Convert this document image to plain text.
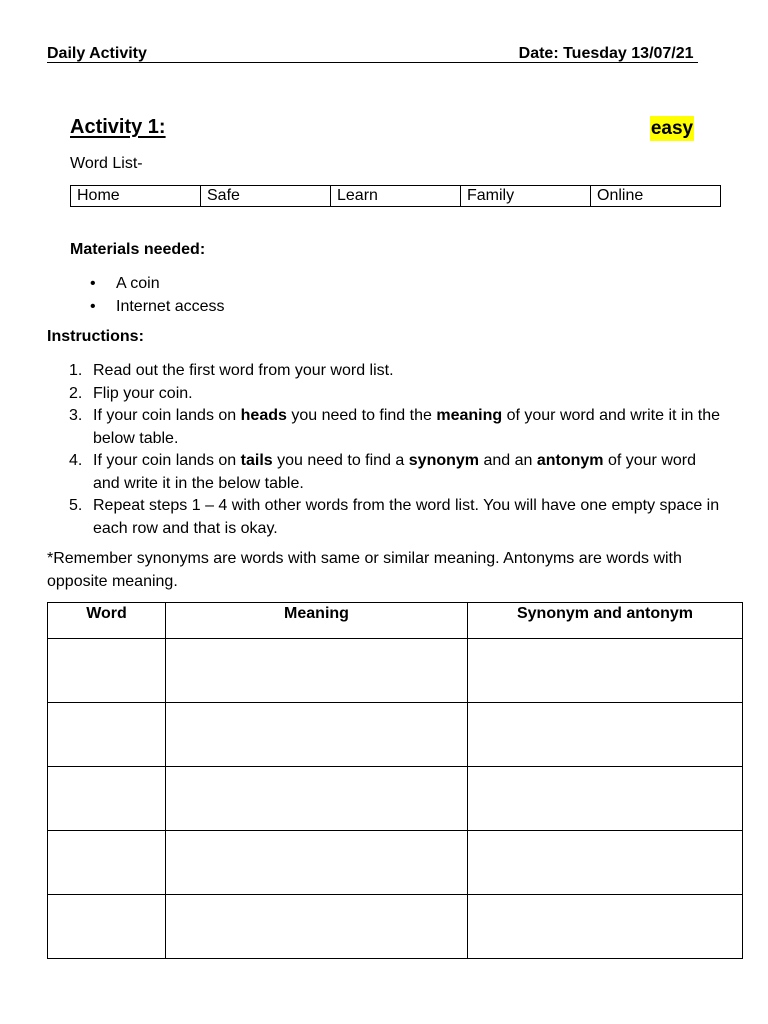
Daily Activity	Date: Tuesday 13/07/21
Activity 1:	easy
Word List-
Home	Safe	Learn	Family	Online
Materials needed:
• A coin
• Internet access
Instructions:
1. Read out the first word from your word list.
2. Flip your coin.
3. If your coin lands on heads you need to find the meaning of your word and write it in the below table.
4. If your coin lands on tails you need to find a synonym and an antonym of your word and write it in the below table.
5. Repeat steps 1 – 4 with other words from the word list. You will have one empty space in each row and that is okay.
*Remember synonyms are words with same or similar meaning. Antonyms are words with opposite meaning.
Word	Meaning	Synonym and antonym
